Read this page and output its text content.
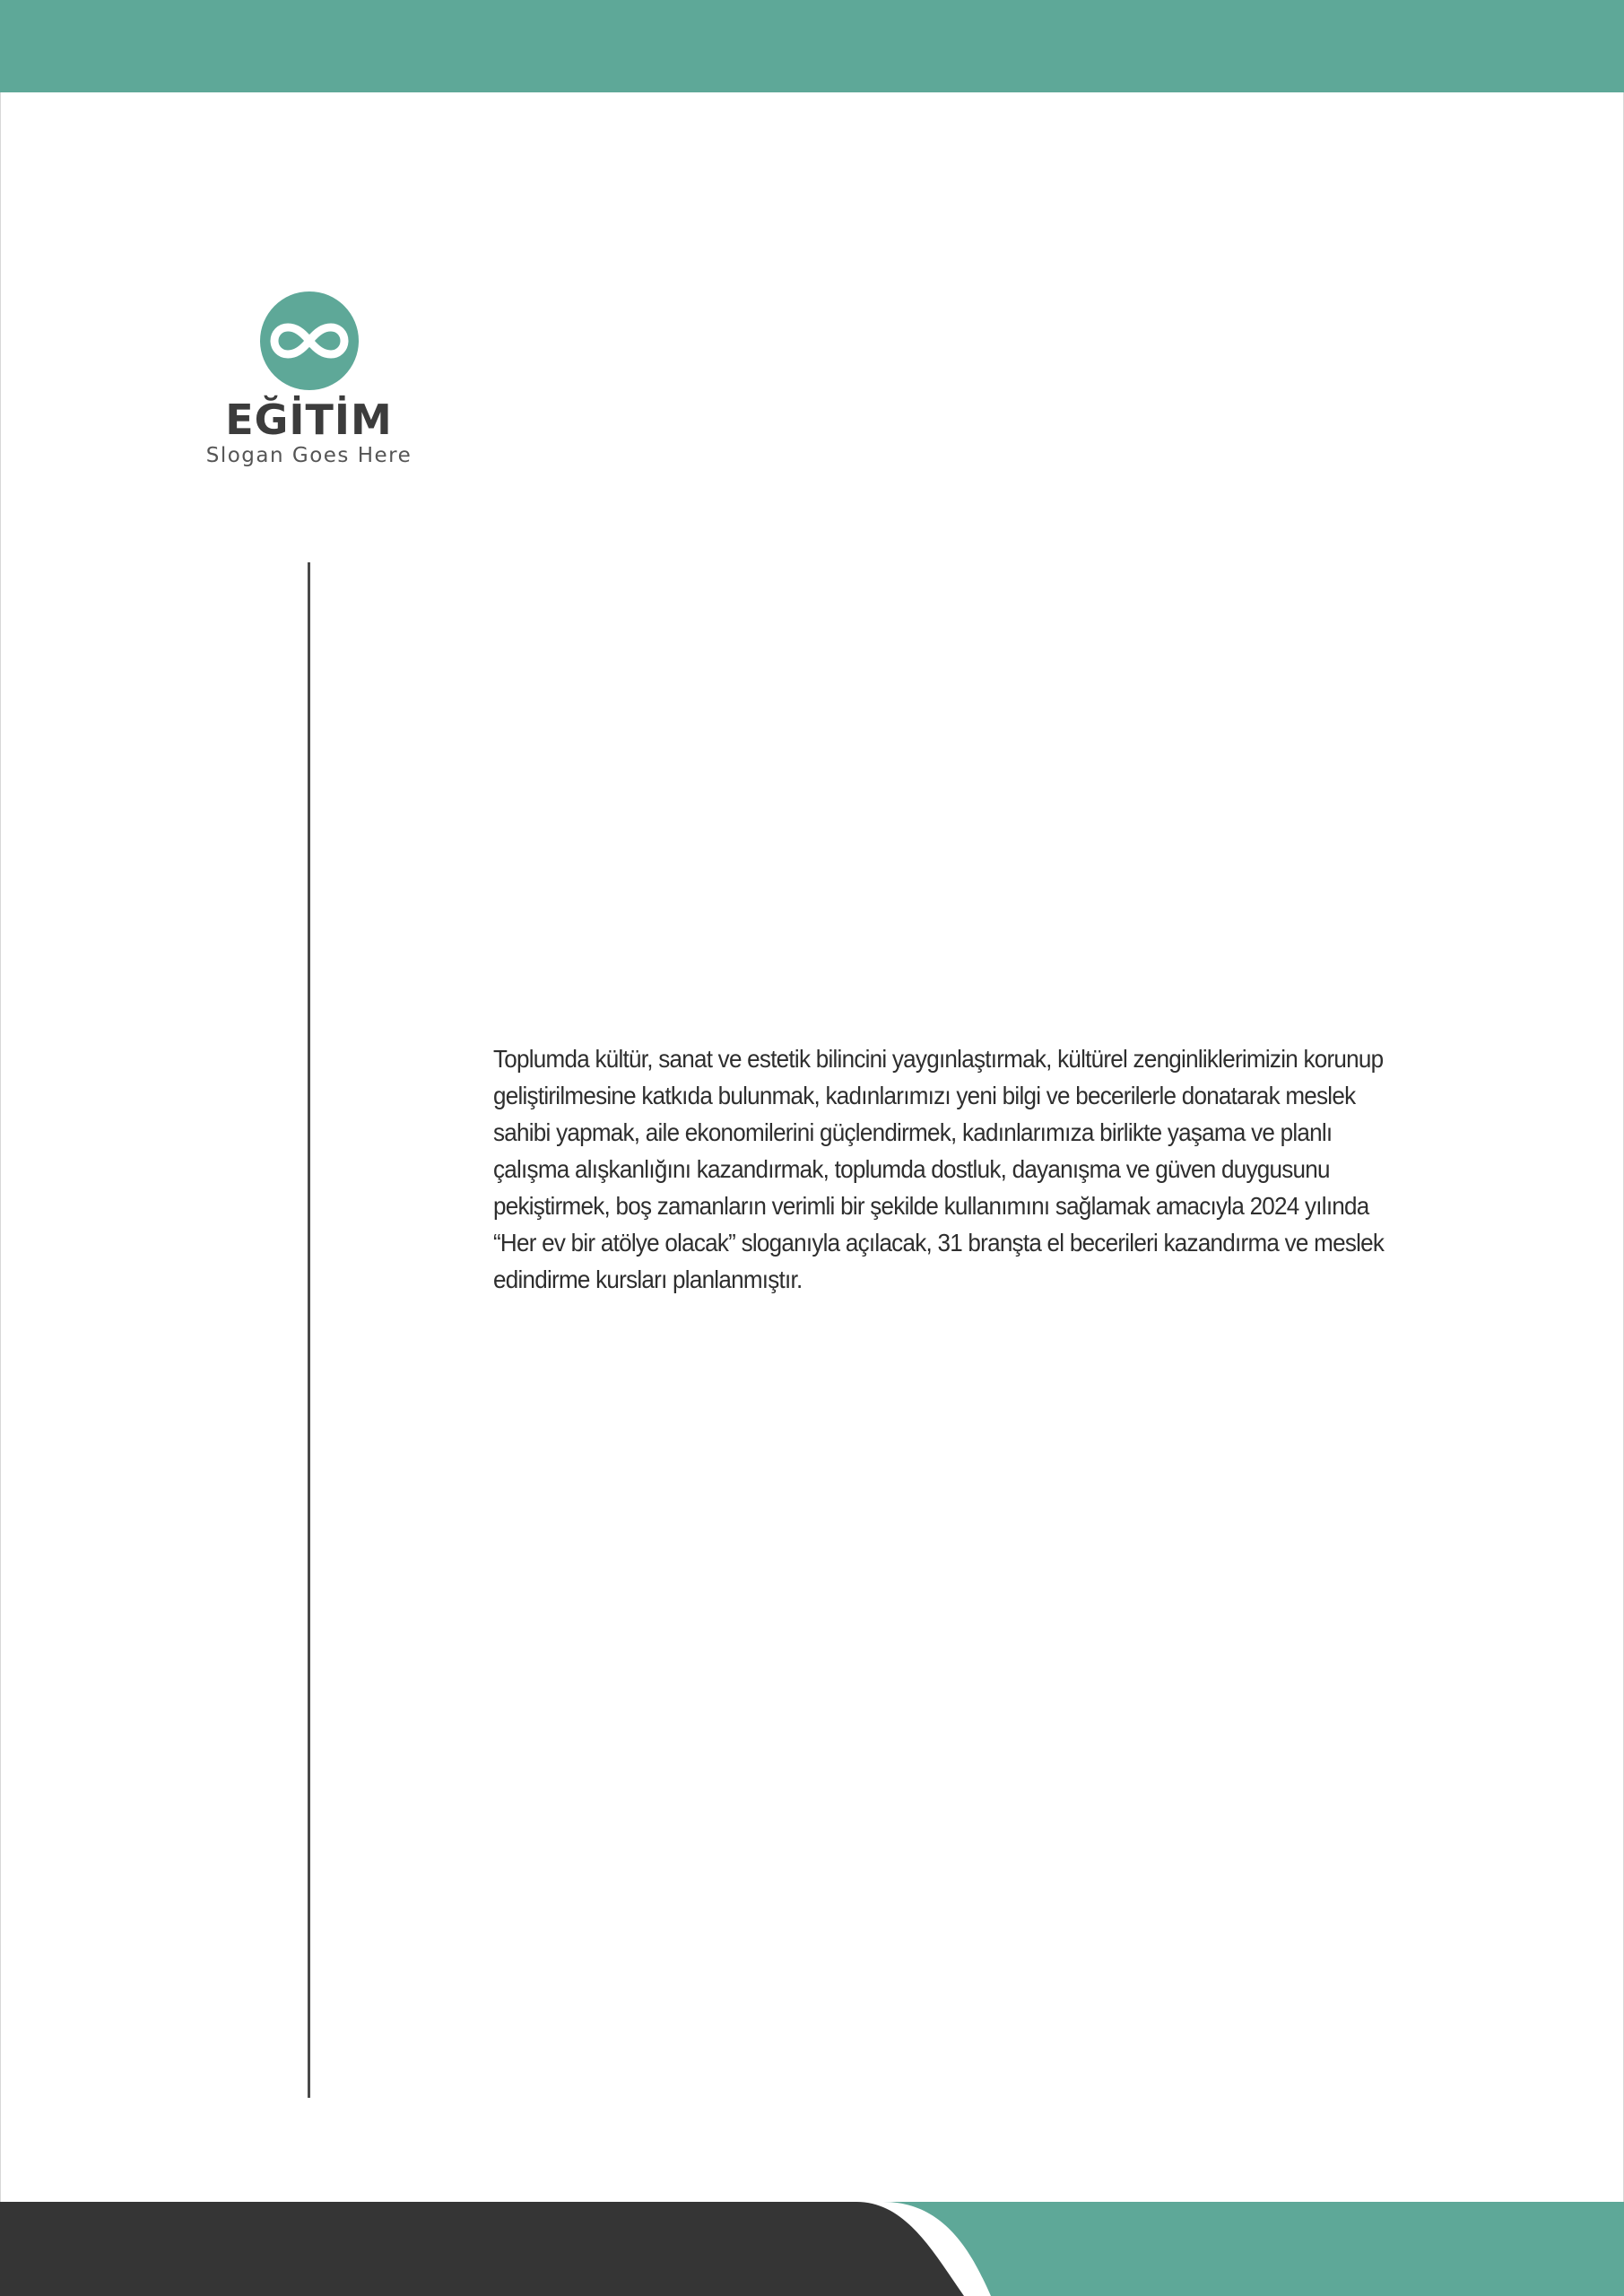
EĞİTİM
Slogan Goes Here

Toplumda kültür, sanat ve estetik bilincini yaygınlaştırmak, kültürel zenginliklerimizin korunup geliştirilmesine katkıda bulunmak, kadınlarımızı yeni bilgi ve becerilerle donatarak meslek sahibi yapmak, aile ekonomilerini güçlendirmek, kadınlarımıza birlikte yaşama ve planlı çalışma alışkanlığını kazandırmak, toplumda dostluk, dayanışma ve güven duygusunu pekiştirmek, boş zamanların verimli bir şekilde kullanımını sağlamak amacıyla 2024 yılında “Her ev bir atölye olacak” sloganıyla açılacak, 31 branşta el becerileri kazandırma ve meslek edindirme kursları planlanmıştır.
